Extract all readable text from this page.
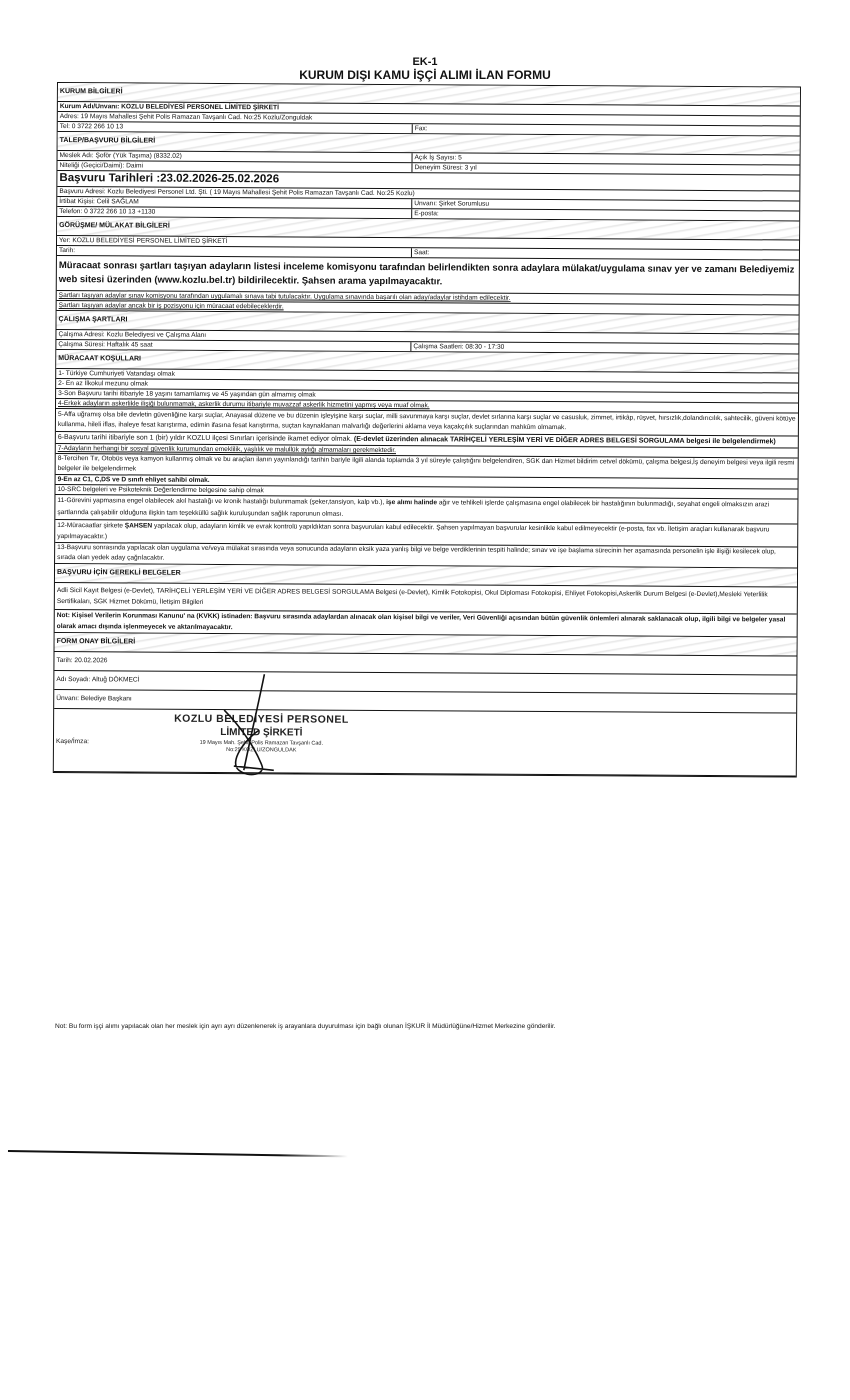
EK-1
KURUM DIŞI KAMU İŞÇİ ALIMI İLAN FORMU
KURUM BİLGİLERİ
Kurum Adı/Unvanı: KOZLU BELEDİYESİ PERSONEL LİMİTED ŞİRKETİ
Adres: 19 Mayıs Mahallesi Şehit Polis Ramazan Tavşanlı Cad. No:25 Kozlu/Zonguldak
Tel: 0 3722 266 10 13	Fax:
TALEP/BAŞVURU BİLGİLERİ
Meslek Adı: Şoför (Yük Taşıma) (8332.02)	Açık İş Sayısı: 5
Niteliği (Geçici/Daimi): Daimi	Deneyim Süresi: 3 yıl
Başvuru Tarihleri :23.02.2026-25.02.2026
Başvuru Adresi: Kozlu Belediyesi Personel Ltd. Şti. ( 19 Mayıs Mahallesi Şehit Polis Ramazan Tavşanlı Cad. No:25 Kozlu)
İrtibat Kişisi: Celil SAĞLAM	Unvanı: Şirket Sorumlusu
Telefon: 0 3722 266 10 13 +1130	E-posta:
GÖRÜŞME/ MÜLAKAT BİLGİLERİ
Yer: KOZLU BELEDİYESİ PERSONEL LİMİTED ŞİRKETİ
Tarih:	Saat:
Müracaat sonrası şartları taşıyan adayların listesi inceleme komisyonu tarafından belirlendikten sonra adaylara mülakat/uygulama sınav yer ve zamanı Belediyemiz web sitesi üzerinden (www.kozlu.bel.tr) bildirilecektir. Şahsen arama yapılmayacaktır.
Şartları taşıyan adaylar sınav komisyonu tarafından uygulamalı sınava tabi tutulacaktır. Uygulama sınavında başarılı olan aday/adaylar istihdam edilecektir.
Şartları taşıyan adaylar ancak bir iş pozisyonu için müracaat edebileceklerdir.
ÇALIŞMA ŞARTLARI
Çalışma Adresi: Kozlu Belediyesi ve Çalışma Alanı
Çalışma Süresi: Haftalık 45 saat	Çalışma Saatleri: 08:30 - 17:30
MÜRACAAT KOŞULLARI
1- Türkiye Cumhuriyeti Vatandaşı olmak
2- En az İlkokul mezunu olmak
3-Son Başvuru tarihi itibariyle 18 yaşını tamamlamış ve 45 yaşından gün almamış olmak
4-Erkek adayların askerlikle ilişiği bulunmamak, askerlik durumu itibariyle muvazzaf askerlik hizmetini yapmış veya muaf olmak.
5-Affa uğramış olsa bile devletin güvenliğine karşı suçlar, Anayasal düzene ve bu düzenin işleyişine karşı suçlar, milli savunmaya karşı suçlar, devlet sırlarına karşı suçlar ve casusluk, zimmet, irtikâp, rüşvet, hırsızlık,dolandırıcılık, sahtecilik, güveni kötüye kullanma, hileli iflas, ihaleye fesat karıştırma, edimin ifasına fesat karıştırma, suçtan kaynaklanan malvarlığı değerlerini aklama veya kaçakçılık suçlarından mahkûm olmamak.
6-Başvuru tarihi itibariyle son 1 (bir) yıldır KOZLU ilçesi Sınırları içerisinde ikamet ediyor olmak. (E-devlet üzerinden alınacak TARİHÇELİ YERLEŞİM YERİ VE DİĞER ADRES BELGESİ SORGULAMA belgesi ile belgelendirmek)
7-Adayların herhangi bir sosyal güvenlik kurumundan emeklilik, yaşlılık ve malullük aylığı almamaları gerekmektedir.
8-Tercihen Tır, Otobüs veya kamyon kullanmış olmak ve bu araçları ilanın yayınlandığı tarihin bariyle ilgili alanda toplamda 3 yıl süreyle çalıştığını belgelendiren, SGK dan Hizmet bildirim cetvel dökümü, çalışma belgesi,İş deneyim belgesi veya ilgili resmi belgeler ile belgelendirmek
9-En az C1, C,DS ve D sınıfı ehliyet sahibi olmak.
10-SRC belgeleri ve Psikoteknik Değerlendirme belgesine sahip olmak
11-Görevini yapmasına engel olabilecek akıl hastalığı ve kronik hastalığı bulunmamak (şeker,tansiyon, kalp vb.), işe alımı halinde ağır ve tehlikeli işlerde çalışmasına engel olabilecek bir hastalığının bulunmadığı, seyahat engeli olmaksızın arazi şartlarında çalışabilir olduğuna ilişkin tam teşekküllü sağlık kuruluşundan sağlık raporunun olması.
12-Müracaatlar şirkete ŞAHSEN yapılacak olup, adayların kimlik ve evrak kontrolü yapıldıktan sonra başvuruları kabul edilecektir. Şahsen yapılmayan başvurular kesinlikle kabul edilmeyecektir (e-posta, fax vb. İletişim araçları kullanarak başvuru yapılmayacaktır.)
13-Başvuru sonrasında yapılacak olan uygulama ve/veya mülakat sırasında veya sonucunda adayların eksik yaza yanlış bilgi ve belge verdiklerinin tespiti halinde; sınav ve işe başlama sürecinin her aşamasında personelin işle ilişiği kesilecek olup, sırada olan yedek aday çağrılacaktır.
BAŞVURU İÇİN GEREKLİ BELGELER
Adli Sicil Kayıt Belgesi (e-Devlet), TARİHÇELİ YERLEŞİM YERİ VE DİĞER ADRES BELGESİ SORGULAMA Belgesi (e-Devlet), Kimlik Fotokopisi, Okul Diploması Fotokopisi, Ehliyet Fotokopisi,Askerlik Durum Belgesi (e-Devlet),Mesleki Yeterlilik Sertifikaları, SGK Hizmet Dökümü, İletişim Bilgileri
Not: Kişisel Verilerin Korunması Kanunu' na (KVKK) istinaden: Başvuru sırasında adaylardan alınacak olan kişisel bilgi ve veriler, Veri Güvenliği açısından bütün güvenlik önlemleri alınarak saklanacak olup, ilgili bilgi ve belgeler yasal olarak amacı dışında işlenmeyecek ve aktarılmayacaktır.
FORM ONAY BİLGİLERİ
Tarih: 20.02.2026
Adı Soyadı: Altuğ DÖKMECİ
Ünvanı: Belediye Başkanı
Kaşe/İmza:
KOZLU BELEDİYESİ PERSONEL
LİMİTED ŞİRKETİ
19 Mayıs Mah. Şehit Polis Ramazan Tavşanlı Cad.
No:25 KOZLU/ZONGULDAK
Not: Bu form işçi alımı yapılacak olan her meslek için ayrı ayrı düzenlenerek iş arayanlara duyurulması için bağlı olunan İŞKUR İl Müdürlüğüne/Hizmet Merkezine gönderilir.
